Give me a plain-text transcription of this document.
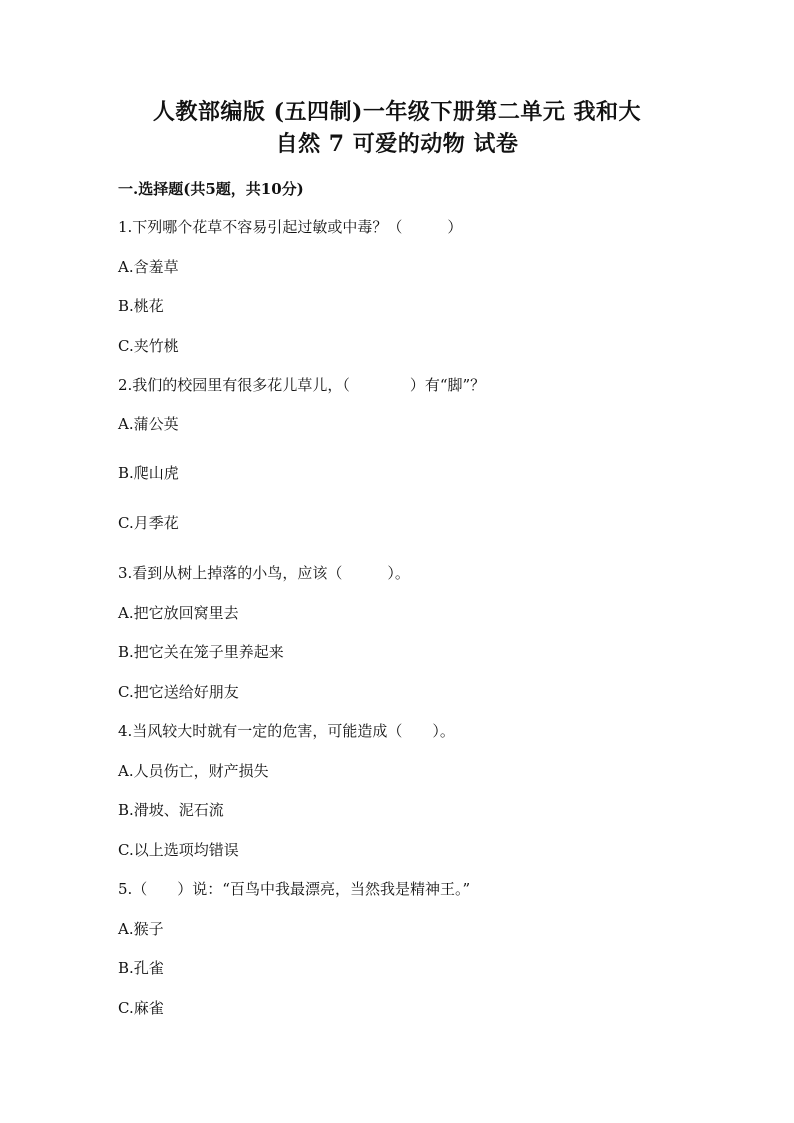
人教部编版 (五四制)一年级下册第二单元 我和大
自然 7 可爱的动物 试卷
一.选择题(共5题，共10分)
1.下列哪个花草不容易引起过敏或中毒？（　　　）
A.含羞草
B.桃花
C.夹竹桃
2.我们的校园里有很多花儿草儿，（　　　　）有“脚”？
A.蒲公英
B.爬山虎
C.月季花
3.看到从树上掉落的小鸟，应该（　　　）。
A.把它放回窝里去
B.把它关在笼子里养起来
C.把它送给好朋友
4.当风较大时就有一定的危害，可能造成（　　）。
A.人员伤亡，财产损失
B.滑坡、泥石流
C.以上选项均错误
5.（　　）说：“百鸟中我最漂亮，当然我是精神王。”
A.猴子
B.孔雀
C.麻雀
